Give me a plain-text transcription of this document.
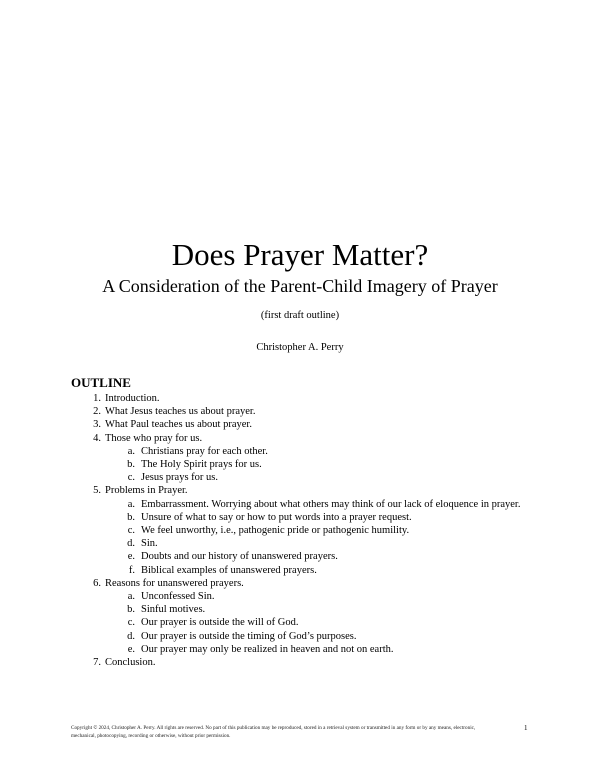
Does Prayer Matter?
A Consideration of the Parent-Child Imagery of Prayer
(first draft outline)
Christopher A. Perry
OUTLINE
1. Introduction.
2. What Jesus teaches us about prayer.
3. What Paul teaches us about prayer.
4. Those who pray for us.
a. Christians pray for each other.
b. The Holy Spirit prays for us.
c. Jesus prays for us.
5. Problems in Prayer.
a. Embarrassment. Worrying about what others may think of our lack of eloquence in prayer.
b. Unsure of what to say or how to put words into a prayer request.
c. We feel unworthy, i.e., pathogenic pride or pathogenic humility.
d. Sin.
e. Doubts and our history of unanswered prayers.
f. Biblical examples of unanswered prayers.
6. Reasons for unanswered prayers.
a. Unconfessed Sin.
b. Sinful motives.
c. Our prayer is outside the will of God.
d. Our prayer is outside the timing of God’s purposes.
e. Our prayer may only be realized in heaven and not on earth.
7. Conclusion.
Copyright © 2024, Christopher A. Perry. All rights are reserved. No part of this publication may be reproduced, stored in a retrieval system or transmitted in any form or by any means, electronic, mechanical, photocopying, recording or otherwise, without prior permission.
1
